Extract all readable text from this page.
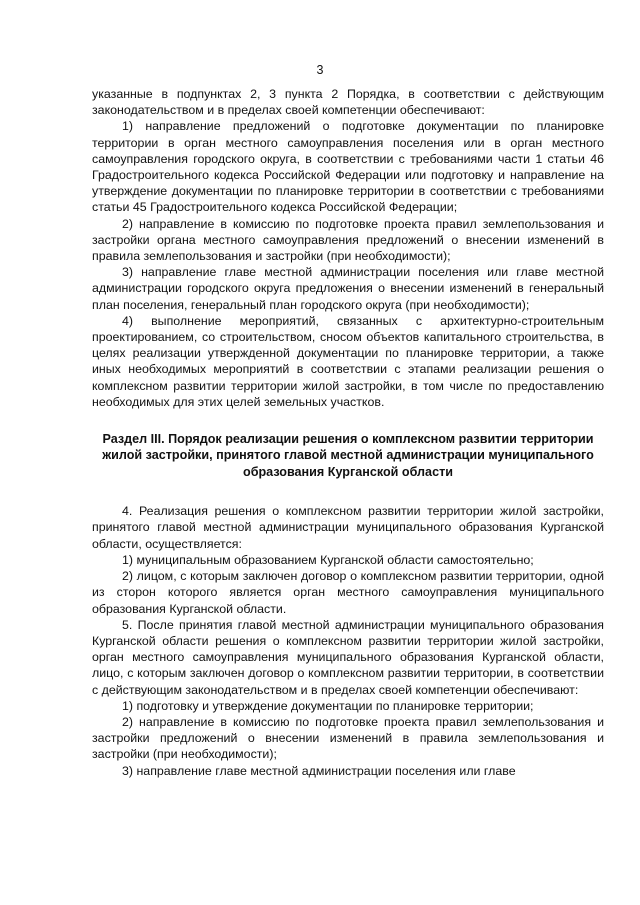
3

указанные в подпунктах 2, 3 пункта 2 Порядка, в соответствии с действующим законодательством и в пределах своей компетенции обеспечивают:

1) направление предложений о подготовке документации по планировке территории в орган местного самоуправления поселения или в орган местного самоуправления городского округа, в соответствии с требованиями части 1 статьи 46 Градостроительного кодекса Российской Федерации или подготовку и направление на утверждение документации по планировке территории в соответствии с требованиями статьи 45 Градостроительного кодекса Российской Федерации;

2) направление в комиссию по подготовке проекта правил землепользования и застройки органа местного самоуправления предложений о внесении изменений в правила землепользования и застройки (при необходимости);

3) направление главе местной администрации поселения или главе местной администрации городского округа предложения о внесении изменений в генеральный план поселения, генеральный план городского округа (при необходимости);

4) выполнение мероприятий, связанных с архитектурно-строительным проектированием, со строительством, сносом объектов капитального строительства, в целях реализации утвержденной документации по планировке территории, а также иных необходимых мероприятий в соответствии с этапами реализации решения о комплексном развитии территории жилой застройки, в том числе по предоставлению необходимых для этих целей земельных участков.

Раздел III. Порядок реализации решения о комплексном развитии территории жилой застройки, принятого главой местной администрации муниципального образования Курганской области

4. Реализация решения о комплексном развитии территории жилой застройки, принятого главой местной администрации муниципального образования Курганской области, осуществляется:

1) муниципальным образованием Курганской области самостоятельно;

2) лицом, с которым заключен договор о комплексном развитии территории, одной из сторон которого является орган местного самоуправления муниципального образования Курганской области.

5. После принятия главой местной администрации муниципального образования Курганской области решения о комплексном развитии территории жилой застройки, орган местного самоуправления муниципального образования Курганской области, лицо, с которым заключен договор о комплексном развитии территории, в соответствии с действующим законодательством и в пределах своей компетенции обеспечивают:

1) подготовку и утверждение документации по планировке территории;

2) направление в комиссию по подготовке проекта правил землепользования и застройки предложений о внесении изменений в правила землепользования и застройки (при необходимости);

3) направление главе местной администрации поселения или главе
